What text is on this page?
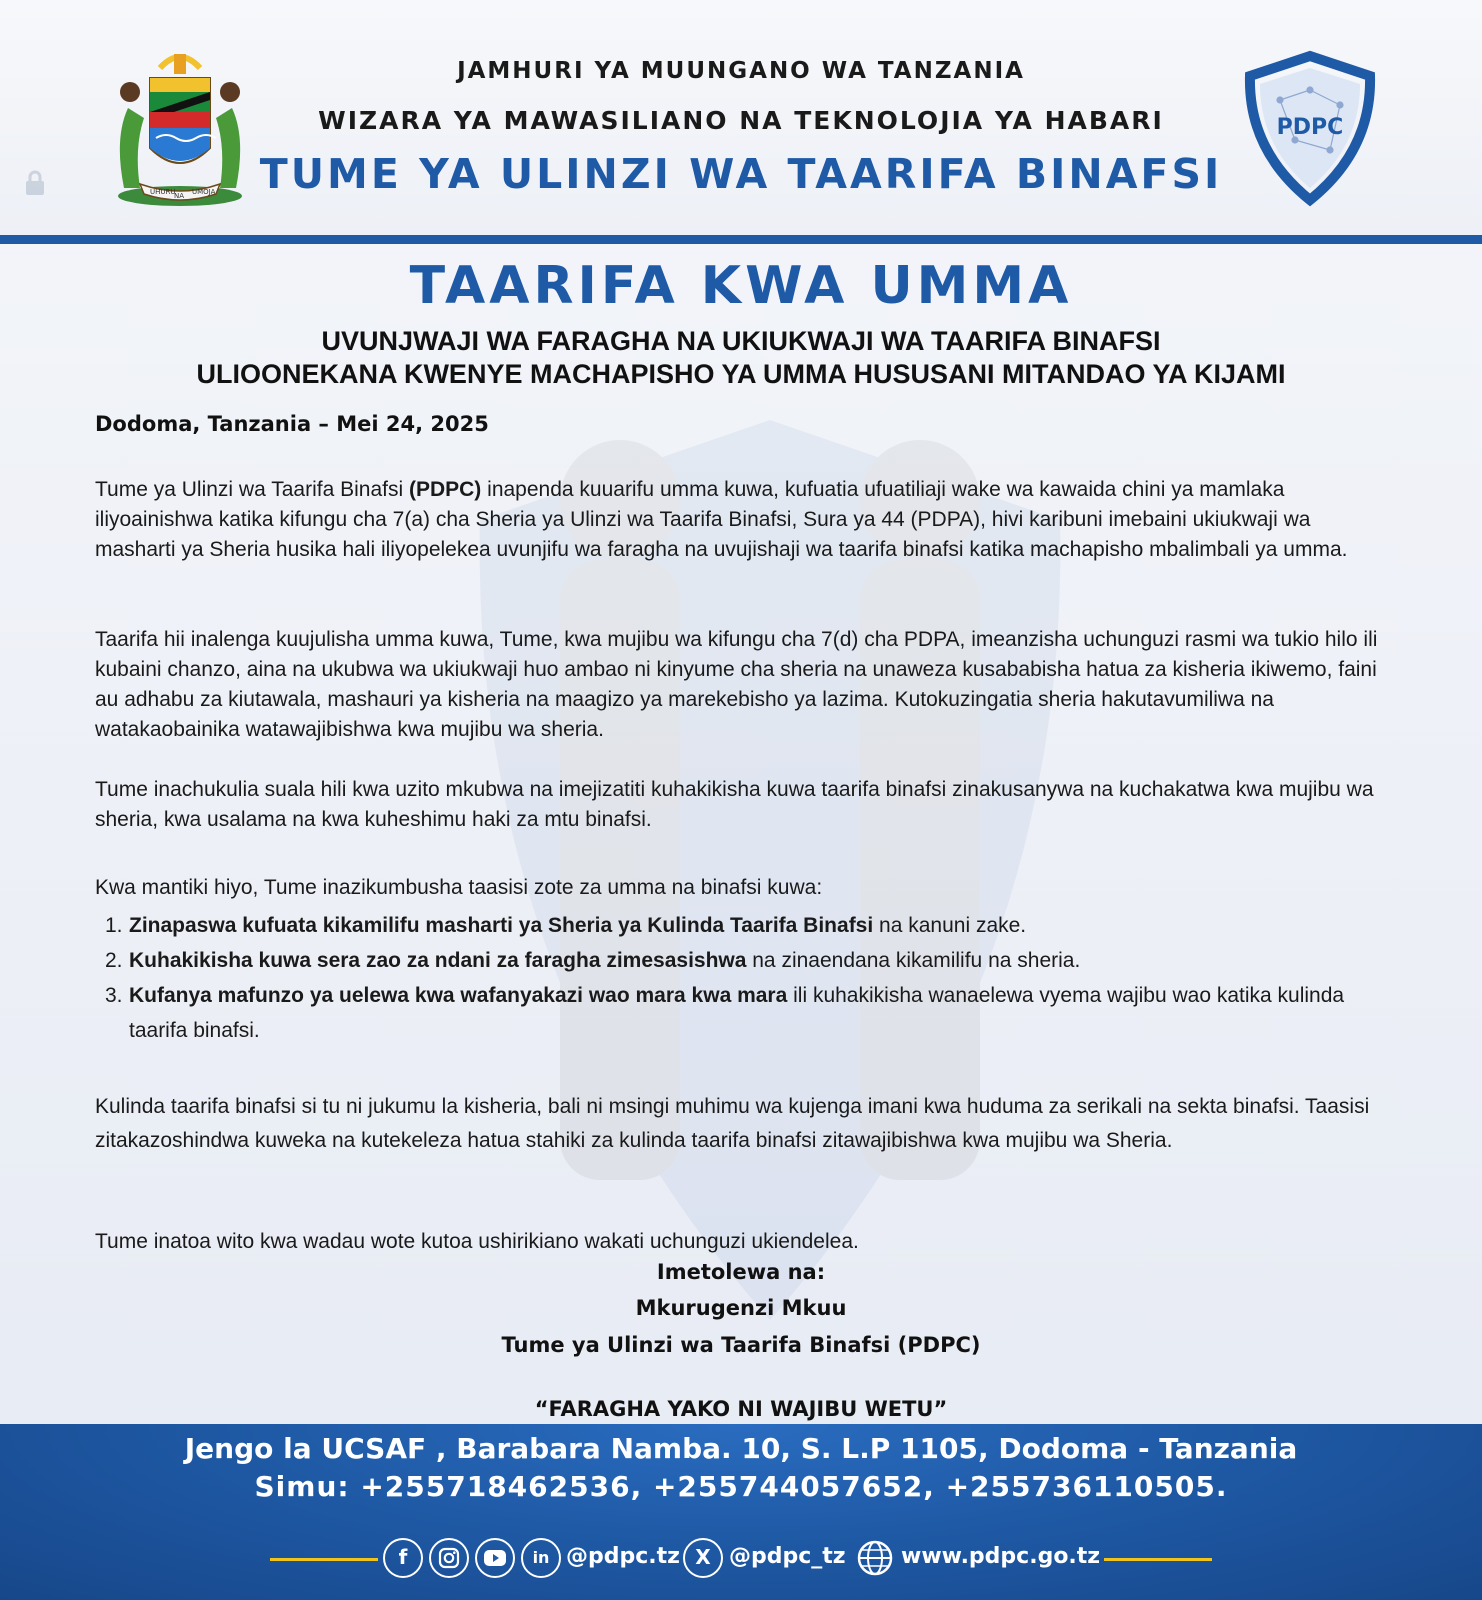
UHURU
NA UMOJA
JAMHURI YA MUUNGANO WA TANZANIA
WIZARA YA MAWASILIANO NA TEKNOLOJIA YA HABARI
TUME YA ULINZI WA TAARIFA BINAFSI
PDPC
TAARIFA KWA UMMA
UVUNJWAJI WA FARAGHA NA UKIUKWAJI WA TAARIFA BINAFSI
ULIOONEKANA KWENYE MACHAPISHO YA UMMA HUSUSANI MITANDAO YA KIJAMI
Dodoma, Tanzania – Mei 24, 2025

Tume ya Ulinzi wa Taarifa Binafsi (PDPC) inapenda kuuarifu umma kuwa, kufuatia ufuatiliaji wake wa kawaida chini ya mamlaka iliyoainishwa katika kifungu cha 7(a) cha Sheria ya Ulinzi wa Taarifa Binafsi, Sura ya 44 (PDPA), hivi karibuni imebaini ukiukwaji wa masharti ya Sheria husika hali iliyopelekea uvunjifu wa faragha na uvujishaji wa taarifa binafsi katika machapisho mbalimbali ya umma.

Taarifa hii inalenga kuujulisha umma kuwa, Tume, kwa mujibu wa kifungu cha 7(d) cha PDPA, imeanzisha uchunguzi rasmi wa tukio hilo ili kubaini chanzo, aina na ukubwa wa ukiukwaji huo ambao ni kinyume cha sheria na unaweza kusababisha hatua za kisheria ikiwemo, faini au adhabu za kiutawala, mashauri ya kisheria na maagizo ya marekebisho ya lazima. Kutokuzingatia sheria hakutavumiliwa na watakaobainika watawajibishwa kwa mujibu wa sheria.

Tume inachukulia suala hili kwa uzito mkubwa na imejizatiti kuhakikisha kuwa taarifa binafsi zinakusanywa na kuchakatwa kwa mujibu wa sheria, kwa usalama na kwa kuheshimu haki za mtu binafsi.

Kwa mantiki hiyo, Tume inazikumbusha taasisi zote za umma na binafsi kuwa:

1. Zinapaswa kufuata kikamilifu masharti ya Sheria ya Kulinda Taarifa Binafsi na kanuni zake.
2. Kuhakikisha kuwa sera zao za ndani za faragha zimesasishwa na zinaendana kikamilifu na sheria.
3. Kufanya mafunzo ya uelewa kwa wafanyakazi wao mara kwa mara ili kuhakikisha wanaelewa vyema wajibu wao katika kulinda taarifa binafsi.

Kulinda taarifa binafsi si tu ni jukumu la kisheria, bali ni msingi muhimu wa kujenga imani kwa huduma za serikali na sekta binafsi. Taasisi zitakazoshindwa kuweka na kutekeleza hatua stahiki za kulinda taarifa binafsi zitawajibishwa kwa mujibu wa Sheria.

Tume inatoa wito kwa wadau wote kutoa ushirikiano wakati uchunguzi ukiendelea.

Imetolewa na:
Mkurugenzi Mkuu
Tume ya Ulinzi wa Taarifa Binafsi (PDPC)
“FARAGHA YAKO NI WAJIBU WETU”
Jengo la UCSAF , Barabara Namba. 10, S. L.P 1105, Dodoma - Tanzania
Simu: +255718462536, +255744057652, +255736110505.
f	in @pdpc.tz X @pdpc_tz	www.pdpc.go.tz
